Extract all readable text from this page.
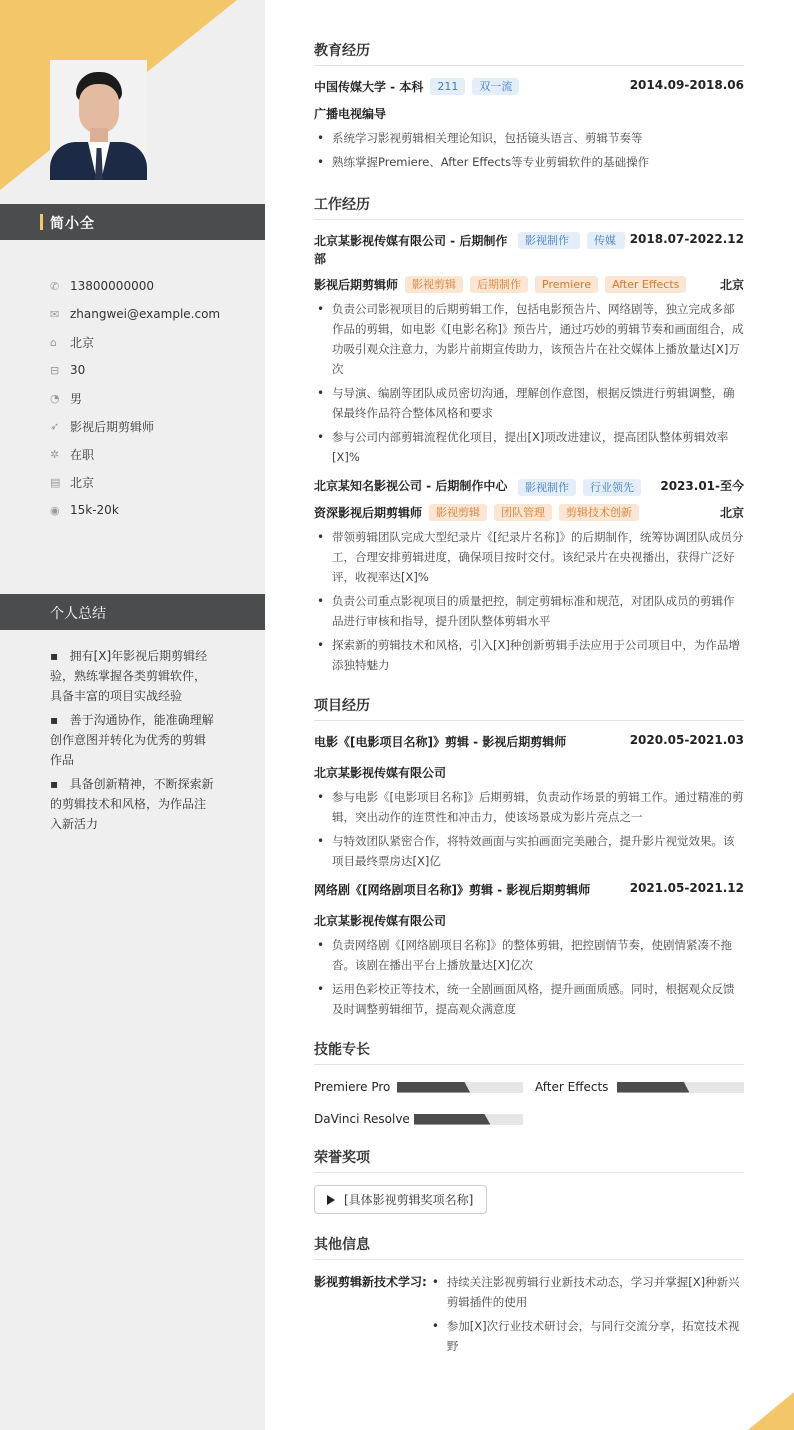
简小全
✆ 13800000000
✉ zhangwei@example.com
⌂	北京
⊟ 30
◔ 男
➶ 影视后期剪辑师
✲ 在职
▤ 北京
◉ 15k-20k
个人总结
▪   拥有[X]年影视后期剪辑经验，熟练掌握各类剪辑软件，具备丰富的项目实战经验
▪   善于沟通协作，能准确理解创作意图并转化为优秀的剪辑作品
▪   具备创新精神，不断探索新的剪辑技术和风格，为作品注入新活力
教育经历
中国传媒大学 - 本科	211	双一流	2014.09-2018.06
广播电视编导
• 系统学习影视剪辑相关理论知识，包括镜头语言、剪辑节奏等
• 熟练掌握Premiere、After Effects等专业剪辑软件的基础操作
工作经历
北京某影视传媒有限公司 - 后期制作部
影视制作	传媒	2018.07-2022.12
影视后期剪辑师	影视剪辑	后期制作	Premiere	After Effects	北京
• 负责公司影视项目的后期剪辑工作，包括电影预告片、网络剧等，独立完成多部作品的剪辑，如电影《[电影名称]》预告片，通过巧妙的剪辑节奏和画面组合，成功吸引观众注意力，为影片前期宣传助力，该预告片在社交媒体上播放量达[X]万次
• 与导演、编剧等团队成员密切沟通，理解创作意图，根据反馈进行剪辑调整，确保最终作品符合整体风格和要求
• 参与公司内部剪辑流程优化项目，提出[X]项改进建议，提高团队整体剪辑效率[X]%
北京某知名影视公司 - 后期制作中心	影视制作	行业领先	2023.01-至今
资深影视后期剪辑师	影视剪辑	团队管理	剪辑技术创新	北京
• 带领剪辑团队完成大型纪录片《[纪录片名称]》的后期制作，统筹协调团队成员分工，合理安排剪辑进度，确保项目按时交付。该纪录片在央视播出，获得广泛好评，收视率达[X]%
• 负责公司重点影视项目的质量把控，制定剪辑标准和规范，对团队成员的剪辑作品进行审核和指导，提升团队整体剪辑水平
• 探索新的剪辑技术和风格，引入[X]种创新剪辑手法应用于公司项目中，为作品增添独特魅力
项目经历
电影《[电影项目名称]》剪辑 - 影视后期剪辑师	2020.05-2021.03
北京某影视传媒有限公司
• 参与电影《[电影项目名称]》后期剪辑，负责动作场景的剪辑工作。通过精准的剪辑，突出动作的连贯性和冲击力，使该场景成为影片亮点之一
• 与特效团队紧密合作，将特效画面与实拍画面完美融合，提升影片视觉效果。该项目最终票房达[X]亿
网络剧《[网络剧项目名称]》剪辑 - 影视后期剪辑师	2021.05-2021.12
北京某影视传媒有限公司
• 负责网络剧《[网络剧项目名称]》的整体剪辑，把控剧情节奏，使剧情紧凑不拖沓。该剧在播出平台上播放量达[X]亿次
• 运用色彩校正等技术，统一全剧画面风格，提升画面质感。同时，根据观众反馈及时调整剪辑细节，提高观众满意度
技能专长
Premiere Pro	After Effects
DaVinci Resolve
荣誉奖项
[具体影视剪辑奖项名称]
其他信息
影视剪辑新技术学习:
•	持续关注影视剪辑行业新技术动态，学习并掌握[X]种新兴剪辑插件的使用
• 参加[X]次行业技术研讨会，与同行交流分享，拓宽技术视野
